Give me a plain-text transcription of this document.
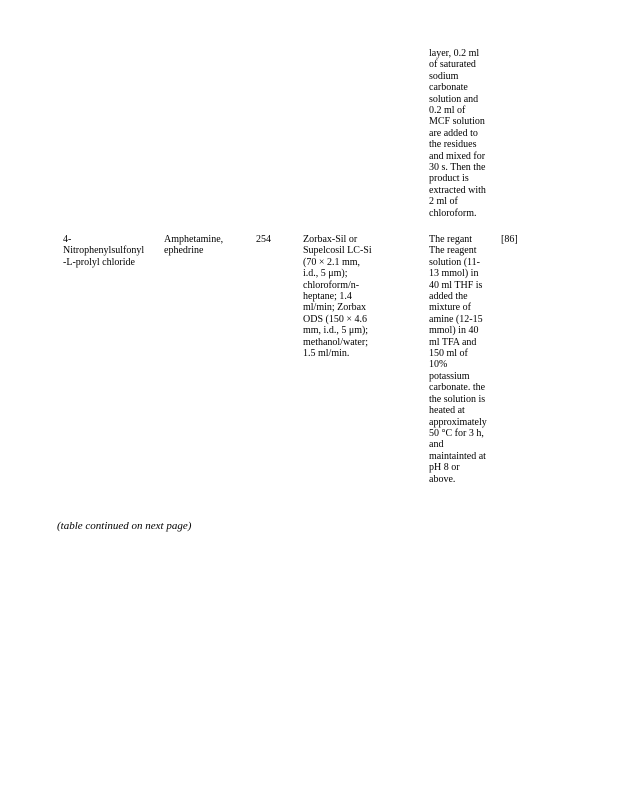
layer, 0.2 ml
of saturated
sodium
carbonate
solution and
0.2 ml of
MCF solution
are added to
the residues
and mixed for
30 s. Then the
product is
extracted with
2 ml of
chloroform.
4-
Nitrophenylsulfonyl
-L-prolyl chloride
Amphetamine,
ephedrine
254	Zorbax-Sil or
Supelcosil LC-Si
(70 × 2.1 mm,
i.d., 5 μm);
chloroform/n-
heptane; 1.4
ml/min; Zorbax
ODS (150 × 4.6
mm, i.d., 5 μm);
methanol/water;
1.5 ml/min.
The regant
The reagent
solution (11-
13 mmol) in
40 ml THF is
added the
mixture of
amine (12-15
mmol) in 40
ml TFA and
150 ml of
10%
potassium
carbonate. the
the solution is
heated at
approximately
50 °C for 3 h,
and
maintainted at
pH 8 or
above.
[86]
(table continued on next page)
